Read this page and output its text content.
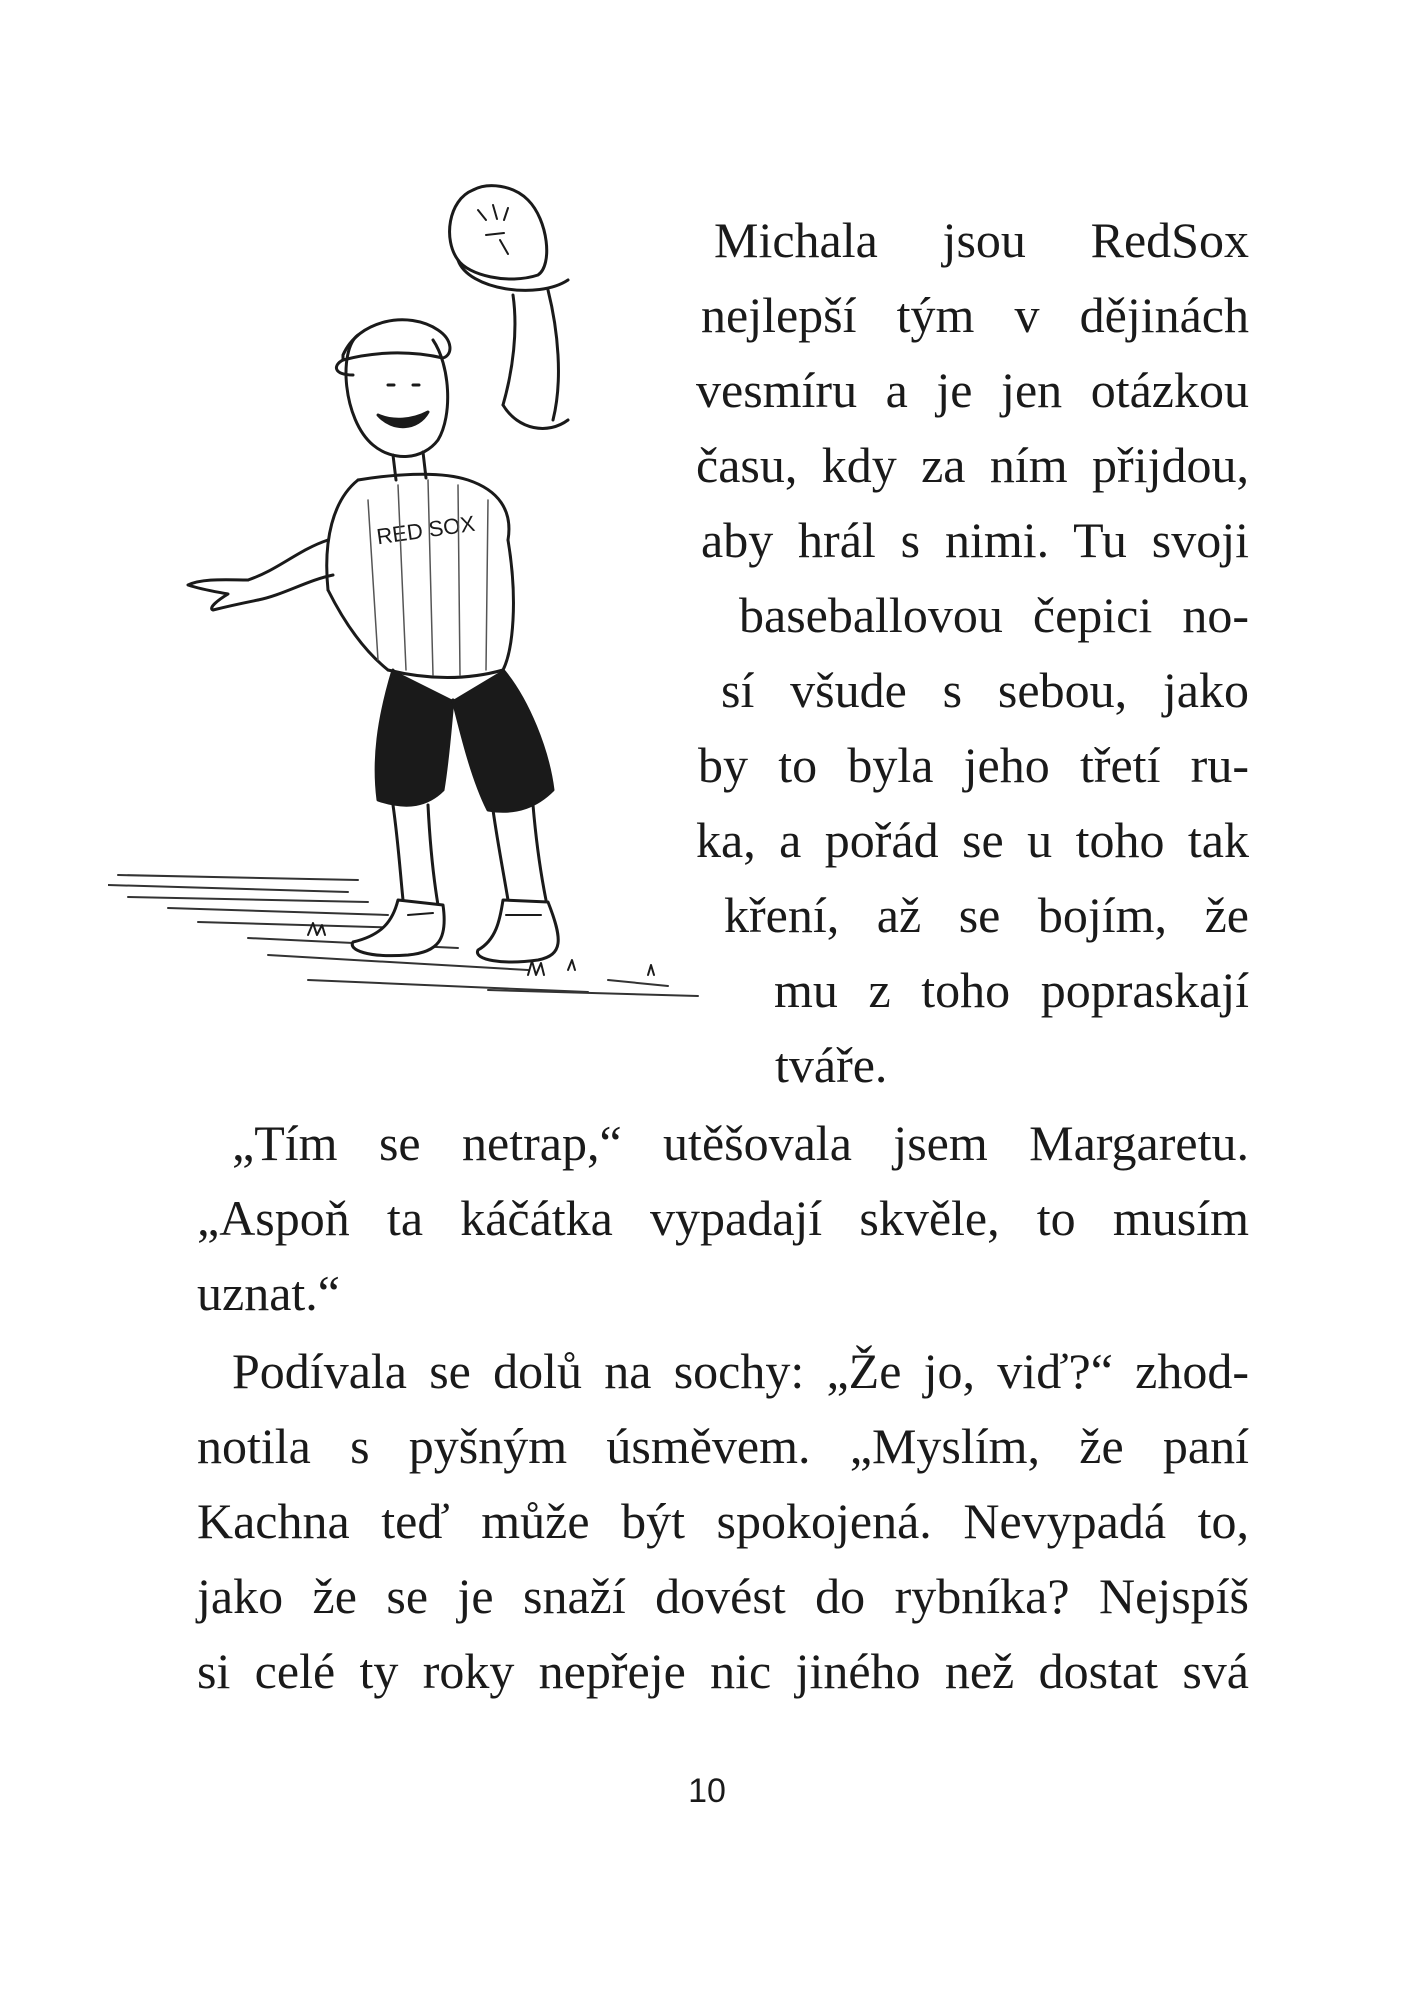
RED SOX
Michala jsou RedSox
nejlepší tým v dějinách
vesmíru a je jen otázkou
času, kdy za ním přijdou,
aby hrál s nimi. Tu svoji
baseballovou čepici no-
sí všude s sebou, jako
by to byla jeho třetí ru-
ka, a pořád se u toho tak
kření, až se bojím, že
mu z toho popraskají
tváře.
„Tím se netrap,“ utěšovala jsem Margaretu.
„Aspoň ta káčátka vypadají skvěle, to musím
uznat.“
Podívala se dolů na sochy: „Že jo, viď?“ zhod-
notila s pyšným úsměvem. „Myslím, že paní
Kachna teď může být spokojená. Nevypadá to,
jako že se je snaží dovést do rybníka? Nejspíš
si celé ty roky nepřeje nic jiného než dostat svá
10
